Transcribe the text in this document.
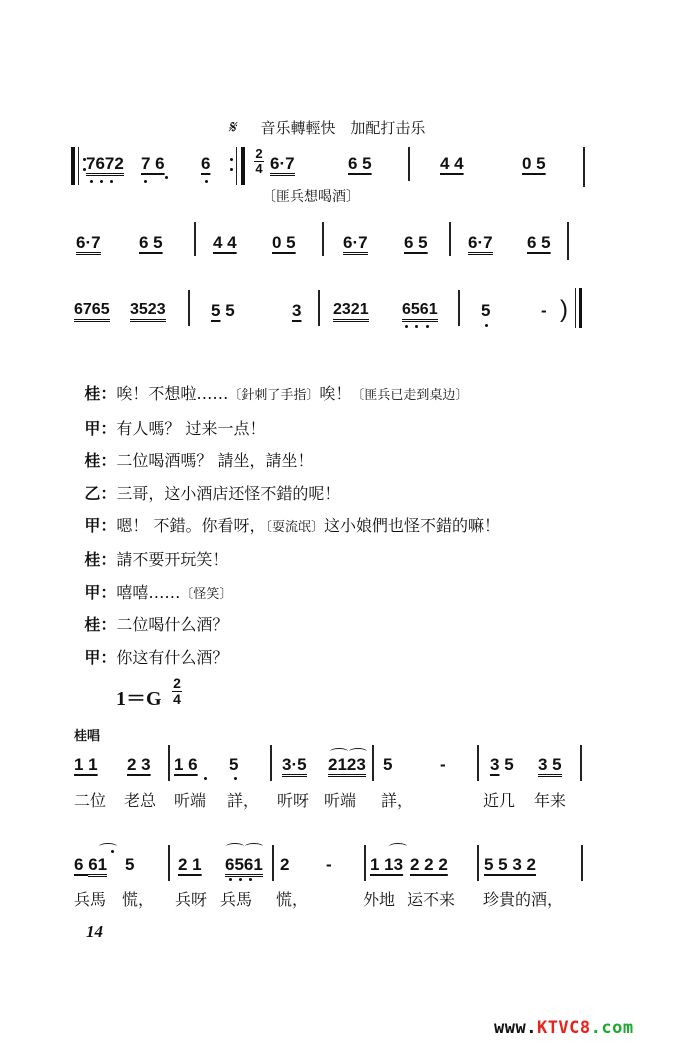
𝄋 音乐轉輕快 加配打击乐
7672 7 6 6
2
4 6·7	6 5	4 4	0 5
〔匪兵想喝酒〕
6·7 6 5	4 4 0 5	6·7 6 5 6·7 6 5
6765 3523	5 5	3 2321 6561	5	- )

桂：唉！不想啦……〔針刺了手指〕唉！〔匪兵已走到桌边〕

甲：有人嗎？ 过来一点！

桂：二位喝酒嗎？ 請坐，請坐！

乙：三哥，这小酒店还怪不錯的呢！

甲：嗯！ 不錯。你看呀，〔耍流氓〕这小娘們也怪不錯的嘛！

桂：請不要开玩笑！

甲：嘻嘻……〔怪笑〕

桂：二位喝什么酒？

甲：你这有什么酒？

1＝G
2
4
桂唱
1 1 2 3 1 6 5	3·5 2123 5	-	3 5 3 5
二位 老总 听端 詳， 听呀 听端 詳，	近几 年来
6 61 5	2 1 6561 2 - 1 13 2 2 2 5 5 3 2
兵馬 慌， 兵呀 兵馬 慌，	外地 运不来 珍貴的酒，
14
www.KTVC8.com
